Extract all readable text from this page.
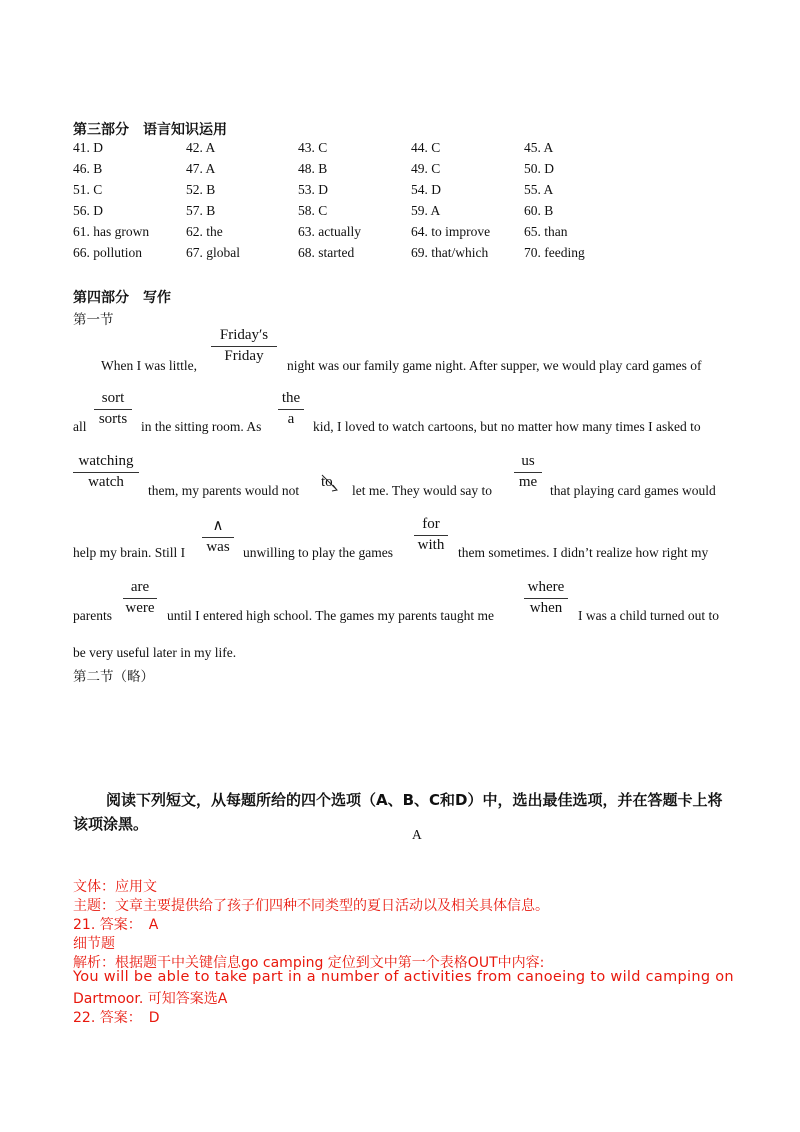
第三部分　语言知识运用
41. D	42. A	43. C	44. C	45. A
46. B	47. A	48. B	49. C	50. D
51. C	52. B	53. D	54. D	55. A
56. D	57. B	58. C	59. A	60. B
61. has grown	62. the	63. actually	64. to improve	65. than
66. pollution	67. global	68. started	69. that/which	70. feeding
第四部分　写作
第一节
When I was little,
Friday′s
Friday
night was our family game night. After supper, we would play card games of
all
sort
sorts	in the sitting room. As
the
a	kid, I loved to watch cartoons, but no matter how many times I asked to
watching
watch
them, my parents would not
to
let me. They would say to
us
me
that playing card games would
help my brain. Still I
∧
was unwilling to play the games
for
with them sometimes. I didn’t realize how right my
parents
are
were until I entered high school. The games my parents taught me
where
when	I was a child turned out to
be very useful later in my life.
第二节（略）
阅读下列短文，从每题所给的四个选项（A、B、C和D）中，选出最佳选项，并在答题卡上将该项涂黑。
A
文体：应用文
主题：文章主要提供给了孩子们四种不同类型的夏日活动以及相关具体信息。
21. 答案：　A
细节题
解析：根据题干中关键信息go camping 定位到文中第一个表格OUT中内容:
You will be able to take part in a number of activities from canoeing to wild camping on
Dartmoor. 可知答案选A
22. 答案：　D
